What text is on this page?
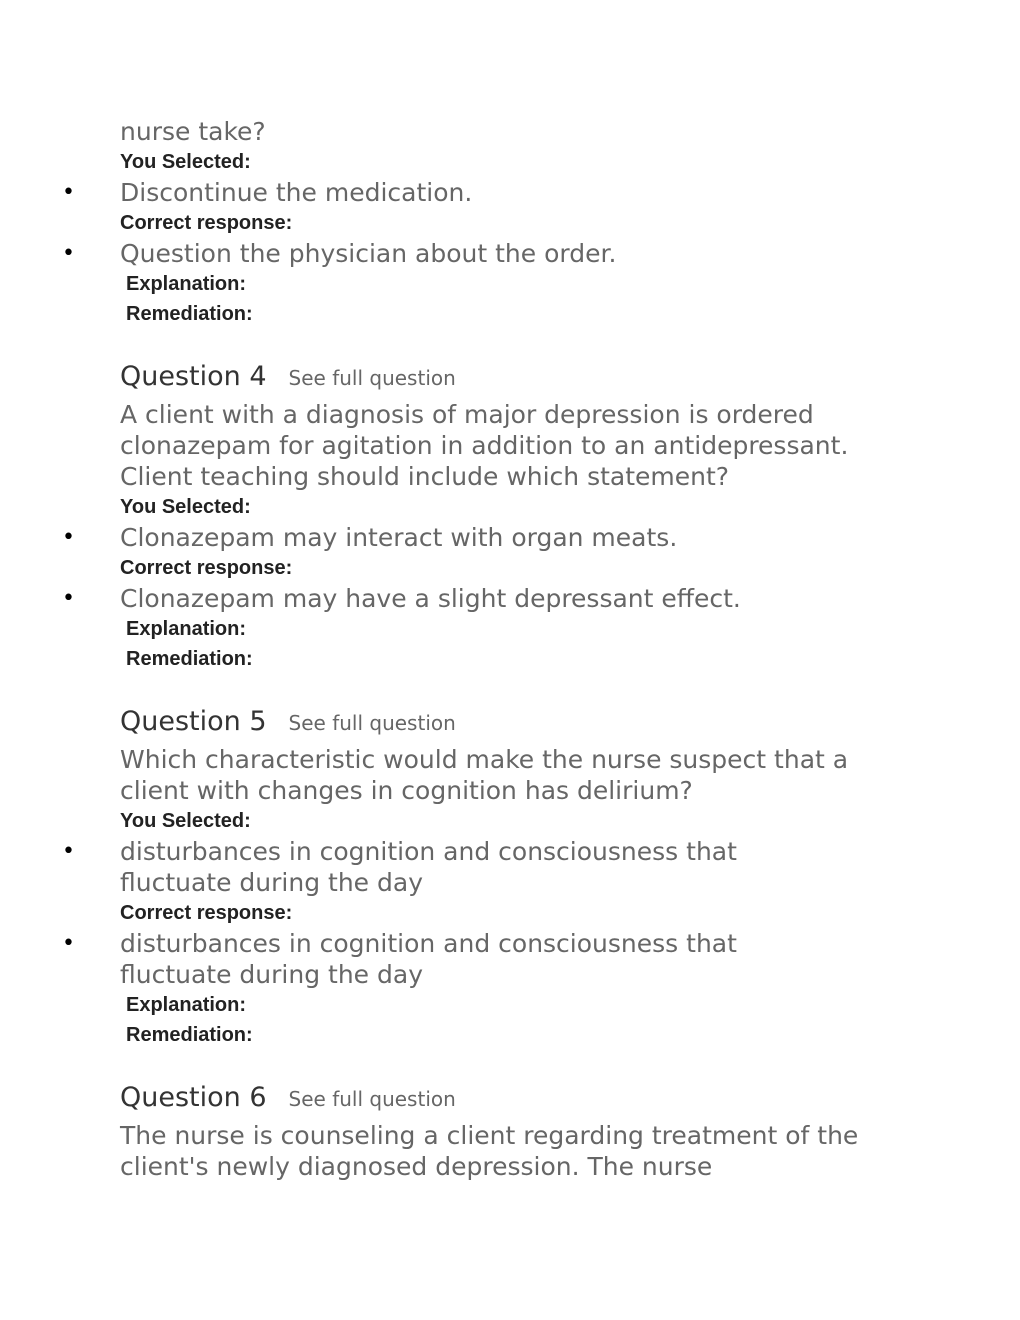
nurse take?

You Selected:

• Discontinue the medication.

Correct response:

• Question the physician about the order.

Explanation:

Remediation:

Question 4 See full question

A client with a diagnosis of major depression is ordered clonazepam for agitation in addition to an antidepressant. Client teaching should include which statement?

You Selected:

• Clonazepam may interact with organ meats.

Correct response:

• Clonazepam may have a slight depressant effect.

Explanation:

Remediation:

Question 5 See full question

Which characteristic would make the nurse suspect that a client with changes in cognition has delirium?

You Selected:

• disturbances in cognition and consciousness that fluctuate during the day

Correct response:

• disturbances in cognition and consciousness that fluctuate during the day

Explanation:

Remediation:

Question 6 See full question

The nurse is counseling a client regarding treatment of the client's newly diagnosed depression. The nurse
